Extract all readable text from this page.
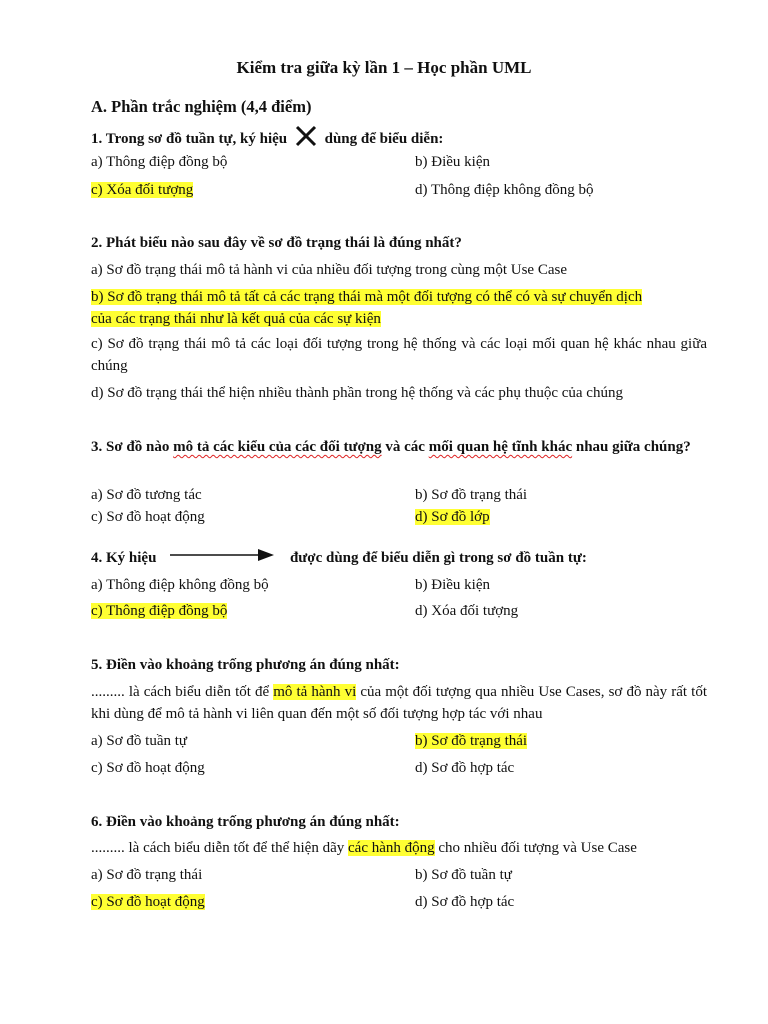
Kiểm tra giữa kỳ lần 1 – Học phần UML
A. Phần trắc nghiệm (4,4 điểm)
1. Trong sơ đồ tuần tự, ký hiệu	dùng để biểu diễn:
a) Thông điệp đồng bộ	b) Điều kiện
c) Xóa đối tượng	d) Thông điệp không đồng bộ
2. Phát biểu nào sau đây về sơ đồ trạng thái là đúng nhất?
a) Sơ đồ trạng thái mô tả hành vi của nhiều đối tượng trong cùng một Use Case
b) Sơ đồ trạng thái mô tả tất cả các trạng thái mà một đối tượng có thể có và sự chuyển dịch
của các trạng thái như là kết quả của các sự kiện
c) Sơ đồ trạng thái mô tả các loại đối tượng trong hệ thống và các loại mối quan hệ khác nhau giữa chúng
d) Sơ đồ trạng thái thể hiện nhiều thành phần trong hệ thống và các phụ thuộc của chúng
3. Sơ đồ nào mô tả các kiểu của các đối tượng và các mối quan hệ tĩnh khác nhau giữa chúng?
a) Sơ đồ tương tác	b) Sơ đồ trạng thái
c) Sơ đồ hoạt động	d) Sơ đồ lớp
4. Ký hiệu	được dùng để biểu diễn gì trong sơ đồ tuần tự:
a) Thông điệp không đồng bộ	b) Điều kiện
c) Thông điệp đồng bộ	d) Xóa đối tượng
5. Điền vào khoảng trống phương án đúng nhất:
......... là cách biểu diễn tốt để mô tả hành vi của một đối tượng qua nhiều Use Cases, sơ đồ này rất tốt khi dùng để mô tả hành vi liên quan đến một số đối tượng hợp tác với nhau
a) Sơ đồ tuần tự	b) Sơ đồ trạng thái
c) Sơ đồ hoạt động	d) Sơ đồ hợp tác
6. Điền vào khoảng trống phương án đúng nhất:
......... là cách biểu diễn tốt để thể hiện dãy các hành động cho nhiều đối tượng và Use Case
a) Sơ đồ trạng thái	b) Sơ đồ tuần tự
c) Sơ đồ hoạt động	d) Sơ đồ hợp tác
